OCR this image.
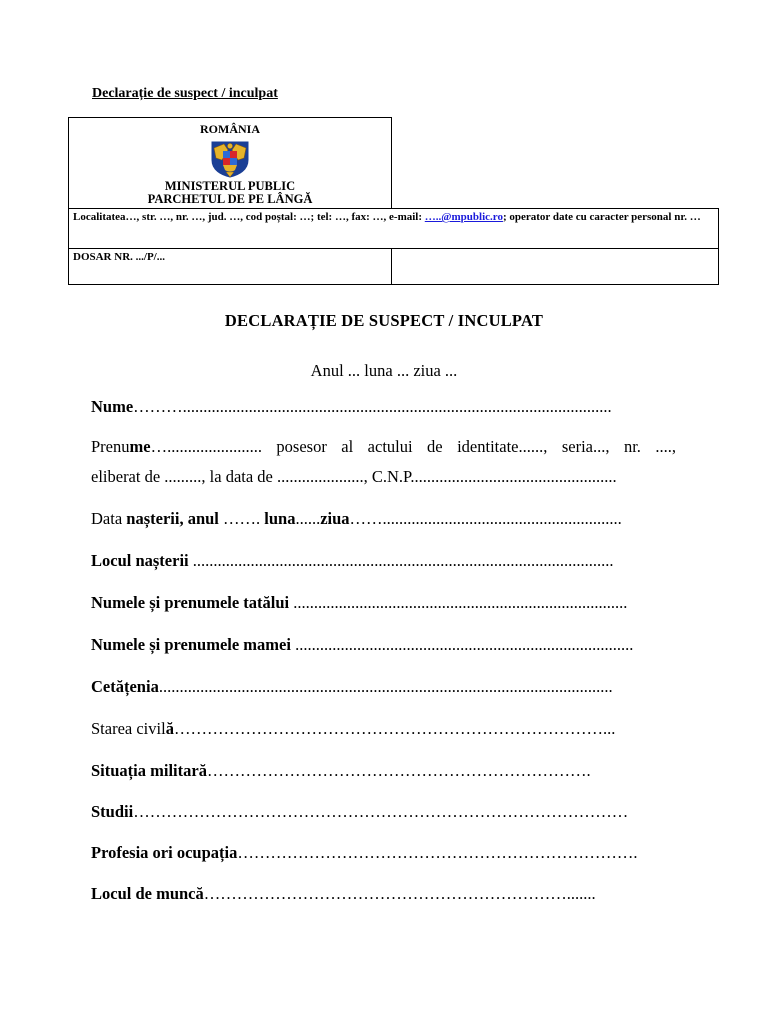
Declarație de suspect / inculpat
ROMÂNIA
MINISTERUL PUBLIC
PARCHETUL DE PE LÂNGĂ	

Localitatea…, str. …, nr. …, jud. …, cod poștal: …; tel: …, fax: …, e-mail: …..@mpublic.ro; operator date cu caracter personal nr. …	
DOSAR NR. .../P/...	
DECLARAȚIE DE SUSPECT / INCULPAT
Anul ... luna ... ziua ...
Nume………........................................................................................................
Prenume…....................... posesor al actului de identitate......, seria..., nr. ....,
eliberat de ........., la data de ....................., C.N.P..................................................
Data nașterii, anul ……. luna......ziua……..........................................................
Locul nașterii ......................................................................................................
Numele și prenumele tatălui .................................................................................
Numele și prenumele mamei ..................................................................................
Cetățenia..............................................................................................................
Starea civilă……………………………………………………………………...
Situația militară…………………………………………………………….
Studii………………………………………………………………………………
Profesia ori ocupația……………………………………………………………….
Locul de muncă………………………………………………………….......
